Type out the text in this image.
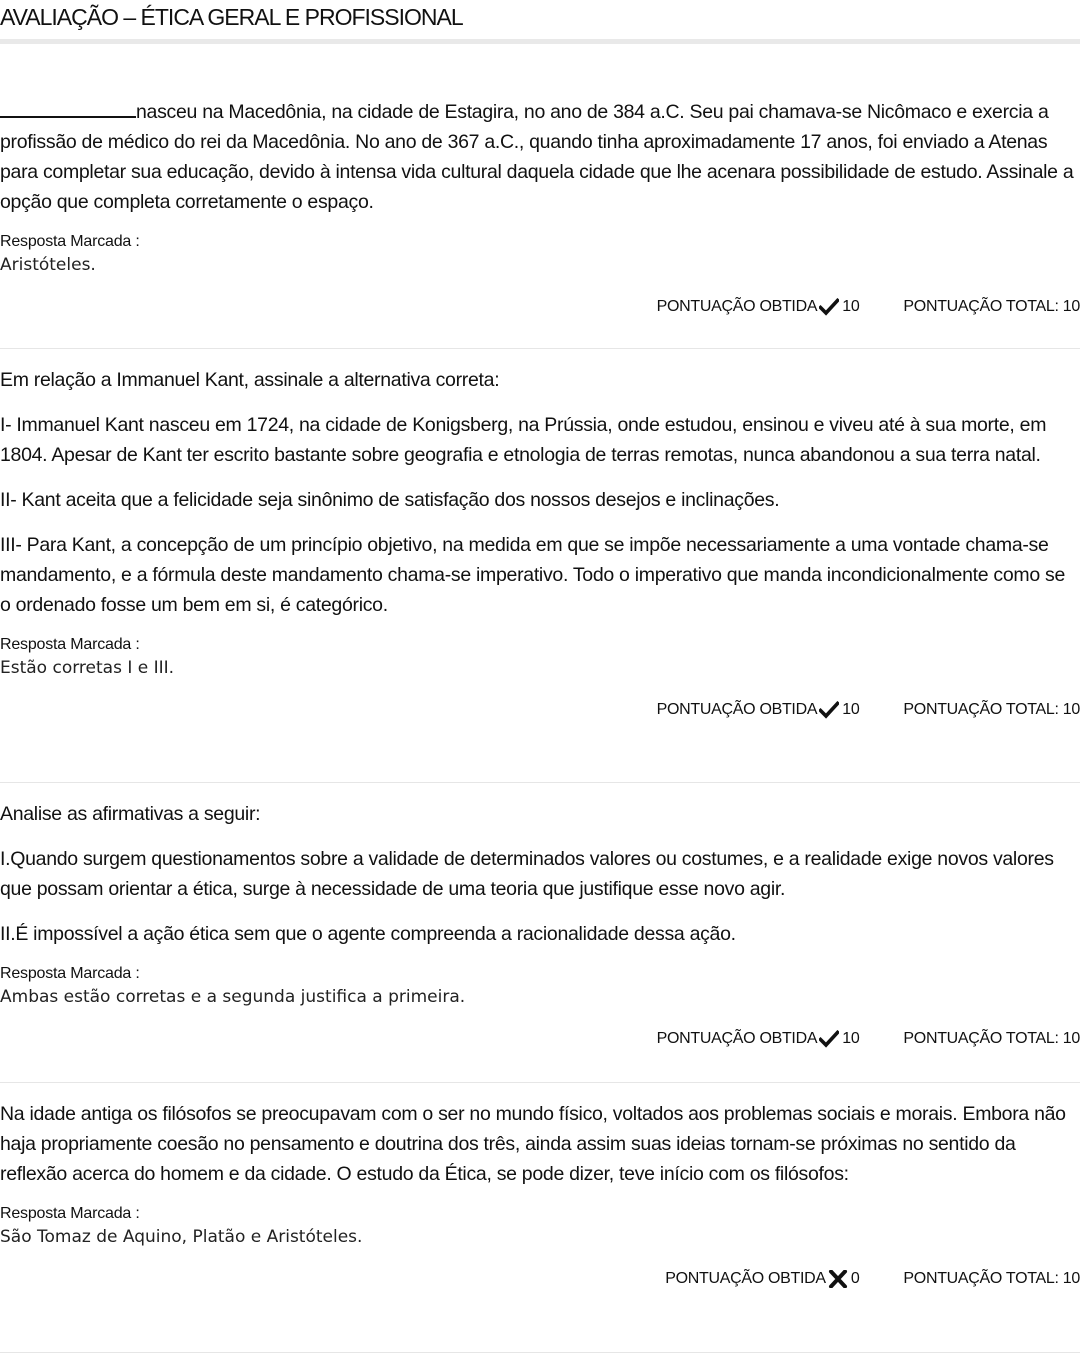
AVALIAÇÃO – ÉTICA GERAL E PROFISSIONAL

nasceu na Macedônia, na cidade de Estagira, no ano de 384 a.C. Seu pai chamava-se Nicômaco e exercia a profissão de médico do rei da Macedônia. No ano de 367 a.C., quando tinha aproximadamente 17 anos, foi enviado a Atenas para completar sua educação, devido à intensa vida cultural daquela cidade que lhe acenara possibilidade de estudo. Assinale a opção que completa corretamente o espaço.

Resposta Marcada :
Aristóteles.
PONTUAÇÃO OBTIDA 10	PONTUAÇÃO TOTAL: 10

Em relação a Immanuel Kant, assinale a alternativa correta:

I- Immanuel Kant nasceu em 1724, na cidade de Konigsberg, na Prússia, onde estudou, ensinou e viveu até à sua morte, em 1804. Apesar de Kant ter escrito bastante sobre geografia e etnologia de terras remotas, nunca abandonou a sua terra natal.

II- Kant aceita que a felicidade seja sinônimo de satisfação dos nossos desejos e inclinações.

III- Para Kant, a concepção de um princípio objetivo, na medida em que se impõe necessariamente a uma vontade chama-se mandamento, e a fórmula deste mandamento chama-se imperativo. Todo o imperativo que manda incondicionalmente como se o ordenado fosse um bem em si, é categórico.

Resposta Marcada :
Estão corretas I e III.
PONTUAÇÃO OBTIDA 10	PONTUAÇÃO TOTAL: 10

Analise as afirmativas a seguir:

I.Quando surgem questionamentos sobre a validade de determinados valores ou costumes, e a realidade exige novos valores que possam orientar a ética, surge à necessidade de uma teoria que justifique esse novo agir.

II.É impossível a ação ética sem que o agente compreenda a racionalidade dessa ação.

Resposta Marcada :
Ambas estão corretas e a segunda justifica a primeira.
PONTUAÇÃO OBTIDA 10	PONTUAÇÃO TOTAL: 10

Na idade antiga os filósofos se preocupavam com o ser no mundo físico, voltados aos problemas sociais e morais. Embora não haja propriamente coesão no pensamento e doutrina dos três, ainda assim suas ideias tornam-se próximas no sentido da reflexão acerca do homem e da cidade. O estudo da Ética, se pode dizer, teve início com os filósofos:

Resposta Marcada :
São Tomaz de Aquino, Platão e Aristóteles.
PONTUAÇÃO OBTIDA 0	PONTUAÇÃO TOTAL: 10
